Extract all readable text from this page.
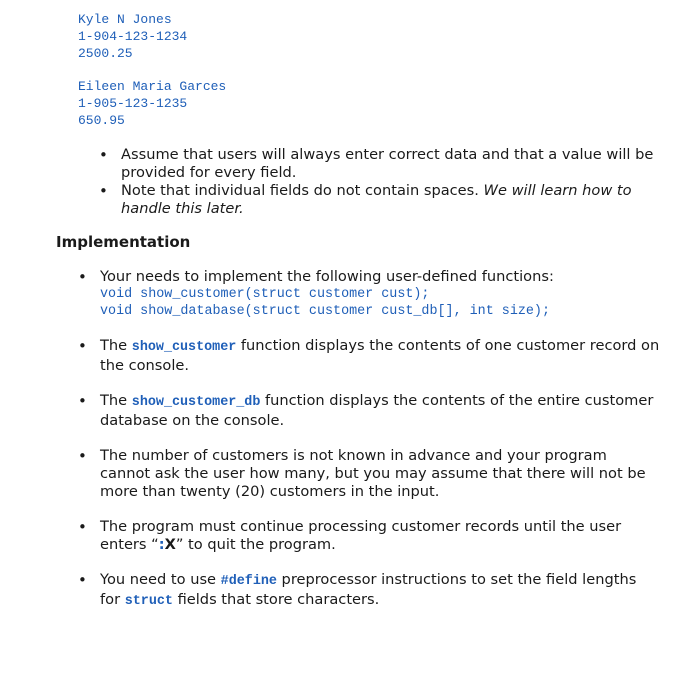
Kyle N Jones
1-904-123-1234
2500.25
Eileen Maria Garces
1-905-123-1235
650.95
• Assume that users will always enter correct data and that a value will be provided for every field.
• Note that individual fields do not contain spaces. We will learn how to handle this later.
Implementation
• Your needs to implement the following user-defined functions:
void show_customer(struct customer cust);
void show_database(struct customer cust_db[], int size);
• The show_customer function displays the contents of one customer record on the console.
• The show_customer_db function displays the contents of the entire customer database on the console.
• The number of customers is not known in advance and your program cannot ask the user how many, but you may assume that there will not be more than twenty (20) customers in the input.
• The program must continue processing customer records until the user enters “:X” to quit the program.
• You need to use #define preprocessor instructions to set the field lengths for struct fields that store characters.
